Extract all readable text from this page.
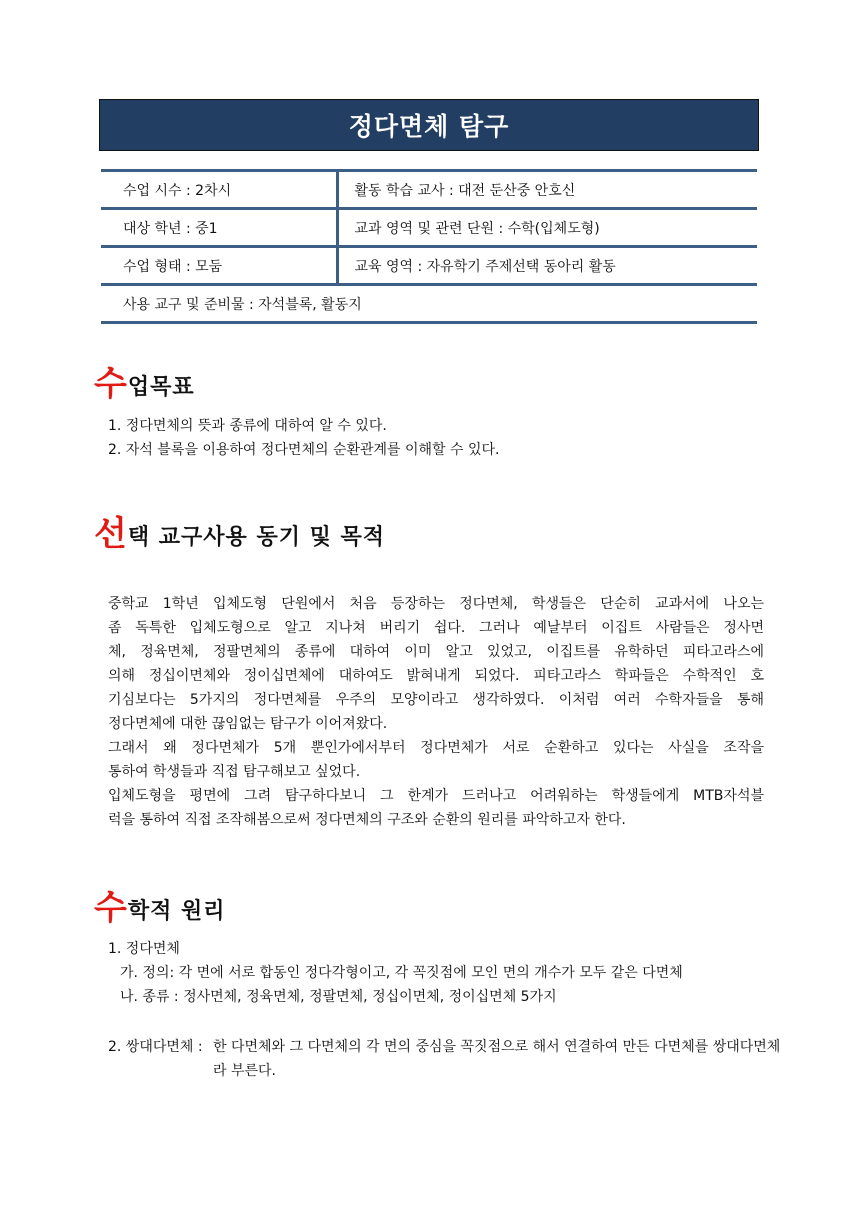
정다면체 탐구
수업 시수 : 2차시	활동 학습 교사 : 대전 둔산중 안호신
대상 학년 : 중1	교과 영역 및 관련 단원 : 수학(입체도형)
수업 형태 : 모둠	교육 영역 : 자유학기 주제선택 동아리 활동
사용 교구 및 준비물 : 자석블록, 활동지	
수 업목표
1. 정다면체의 뜻과 종류에 대하여 알 수 있다.
2. 자석 블록을 이용하여 정다면체의 순환관계를 이해할 수 있다.
선 택 교구사용 동기 및 목적
중학교 1학년 입체도형 단원에서 처음 등장하는 정다면체, 학생들은 단순히 교과서에 나오는
좀 독특한 입체도형으로 알고 지나쳐 버리기 쉽다. 그러나 예날부터 이집트 사람들은 정사면
체, 정육면체, 정팔면체의 종류에 대하여 이미 알고 있었고, 이집트를 유학하던 피타고라스에
의해 정십이면체와 정이십면체에 대하여도 밝혀내게 되었다. 피타고라스 학파들은 수학적인 호
기심보다는 5가지의 정다면체를 우주의 모양이라고 생각하였다. 이처럼 여러 수학자들을 통해
정다면체에 대한 끊임없는 탐구가 이어져왔다.
그래서 왜 정다면체가 5개 뿐인가에서부터 정다면체가 서로 순환하고 있다는 사실을 조작을
통하여 학생들과 직접 탐구해보고 싶었다.
입체도형을 평면에 그려 탐구하다보니 그 한계가 드러나고 어려워하는 학생들에게 MTB자석블
럭을 통하여 직접 조작해봄으로써 정다면체의 구조와 순환의 원리를 파악하고자 한다.
수 학적 원리
1. 정다면체
가. 정의: 각 면에 서로 합동인 정다각형이고, 각 꼭짓점에 모인 면의 개수가 모두 같은 다면체
나. 종류 : 정사면체, 정육면체, 정팔면체, 정십이면체, 정이십면체 5가지
2. 쌍대다면체 : 한 다면체와 그 다면체의 각 면의 중심을 꼭짓점으로 해서 연결하여 만든 다면체를 쌍대다면체
라 부른다.
